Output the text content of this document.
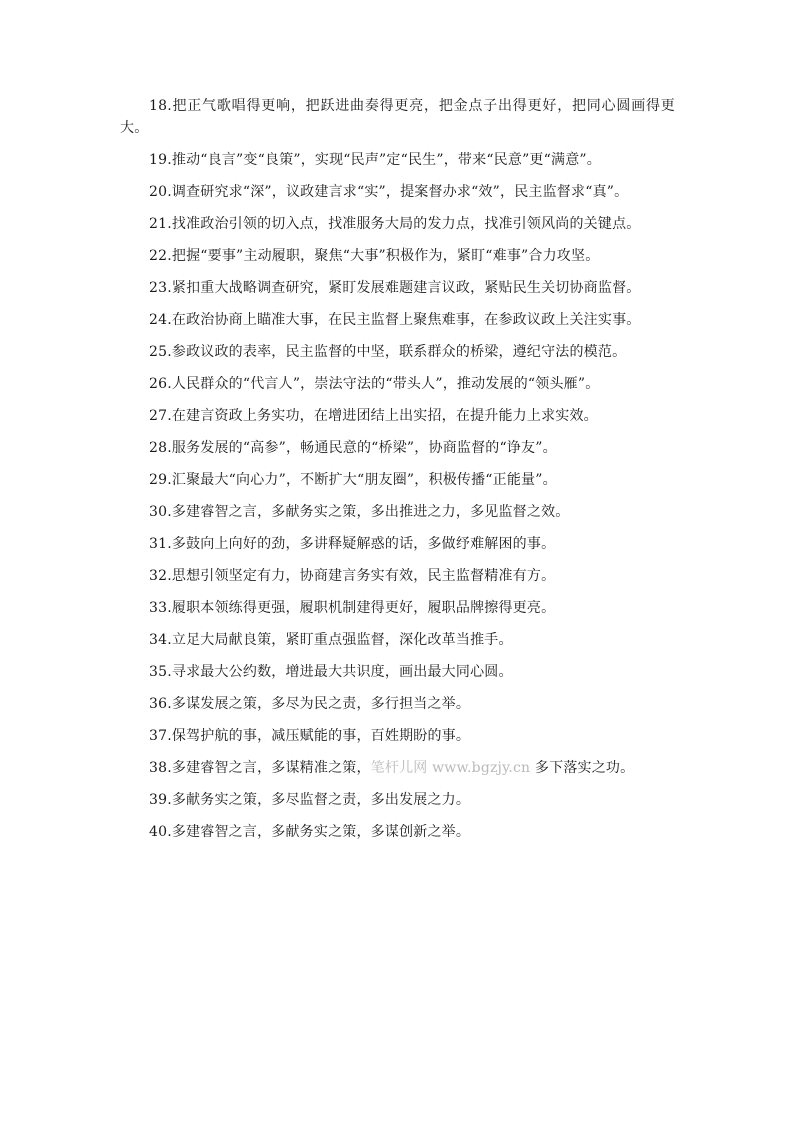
18.把正气歌唱得更响，把跃进曲奏得更亮，把金点子出得更好，把同心圆画得更大。

19.推动“良言”变“良策”，实现“民声”定“民生”，带来“民意”更“满意”。

20.调查研究求“深”，议政建言求“实”，提案督办求“效”，民主监督求“真”。

21.找准政治引领的切入点，找准服务大局的发力点，找准引领风尚的关键点。

22.把握“要事”主动履职，聚焦“大事”积极作为，紧盯“难事”合力攻坚。

23.紧扣重大战略调查研究，紧盯发展难题建言议政，紧贴民生关切协商监督。

24.在政治协商上瞄准大事，在民主监督上聚焦难事，在参政议政上关注实事。

25.参政议政的表率，民主监督的中坚，联系群众的桥梁，遵纪守法的模范。

26.人民群众的“代言人”，崇法守法的“带头人”，推动发展的“领头雁”。

27.在建言资政上务实功，在增进团结上出实招，在提升能力上求实效。

28.服务发展的“高参”，畅通民意的“桥梁”，协商监督的“诤友”。

29.汇聚最大“向心力”，不断扩大“朋友圈”，积极传播“正能量”。

30.多建睿智之言，多献务实之策，多出推进之力，多见监督之效。

31.多鼓向上向好的劲，多讲释疑解惑的话，多做纾难解困的事。

32.思想引领坚定有力，协商建言务实有效，民主监督精准有方。

33.履职本领练得更强，履职机制建得更好，履职品牌擦得更亮。

34.立足大局献良策，紧盯重点强监督，深化改革当推手。

35.寻求最大公约数，增进最大共识度，画出最大同心圆。

36.多谋发展之策，多尽为民之责，多行担当之举。

37.保驾护航的事，减压赋能的事，百姓期盼的事。

38.多建睿智之言，多谋精准之策，笔杆儿网 www.bgzjy.cn 多下落实之功。

39.多献务实之策，多尽监督之责，多出发展之力。

40.多建睿智之言，多献务实之策，多谋创新之举。
